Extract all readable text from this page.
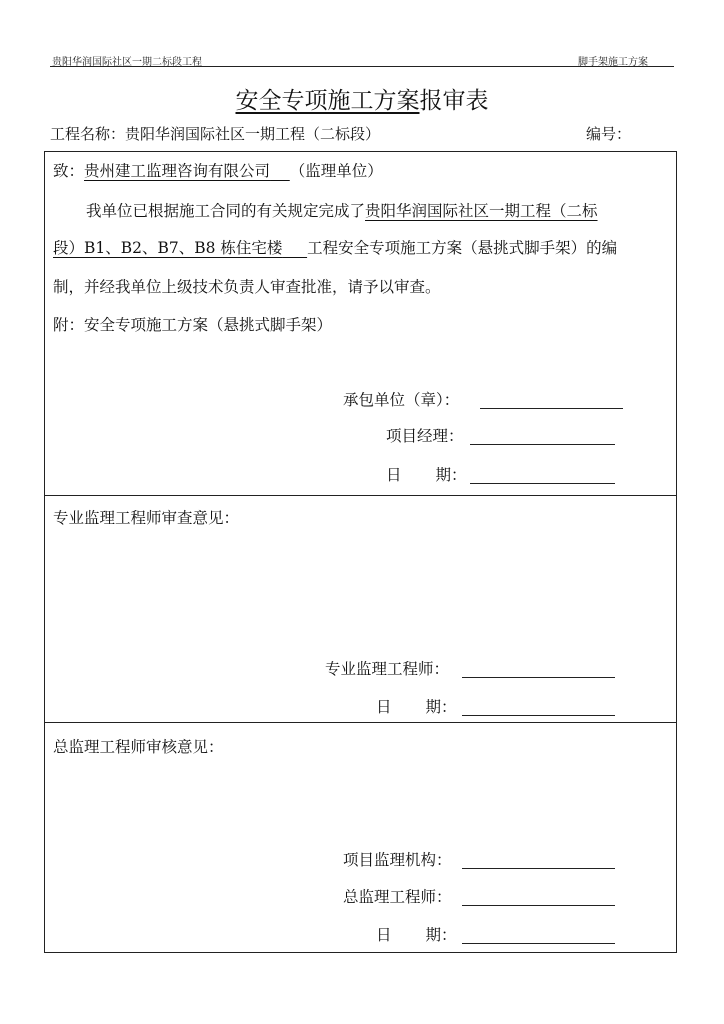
贵阳华润国际社区一期二标段工程	脚手架施工方案
安全专项施工方案报审表
工程名称：贵阳华润国际社区一期工程（二标段）	编号：
致：贵州建工监理咨询有限公司 （监理单位）
我单位已根据施工合同的有关规定完成了贵阳华润国际社区一期工程（二标
段）B1、B2、B7、B8 栋住宅楼 工程安全专项施工方案（悬挑式脚手架）的编
制，并经我单位上级技术负责人审查批准，请予以审查。
附：安全专项施工方案（悬挑式脚手架）
承包单位（章）：
项目经理：
日 期：
专业监理工程师审查意见：
专业监理工程师：
日 期：
总监理工程师审核意见：
项目监理机构：
总监理工程师：
日 期：
